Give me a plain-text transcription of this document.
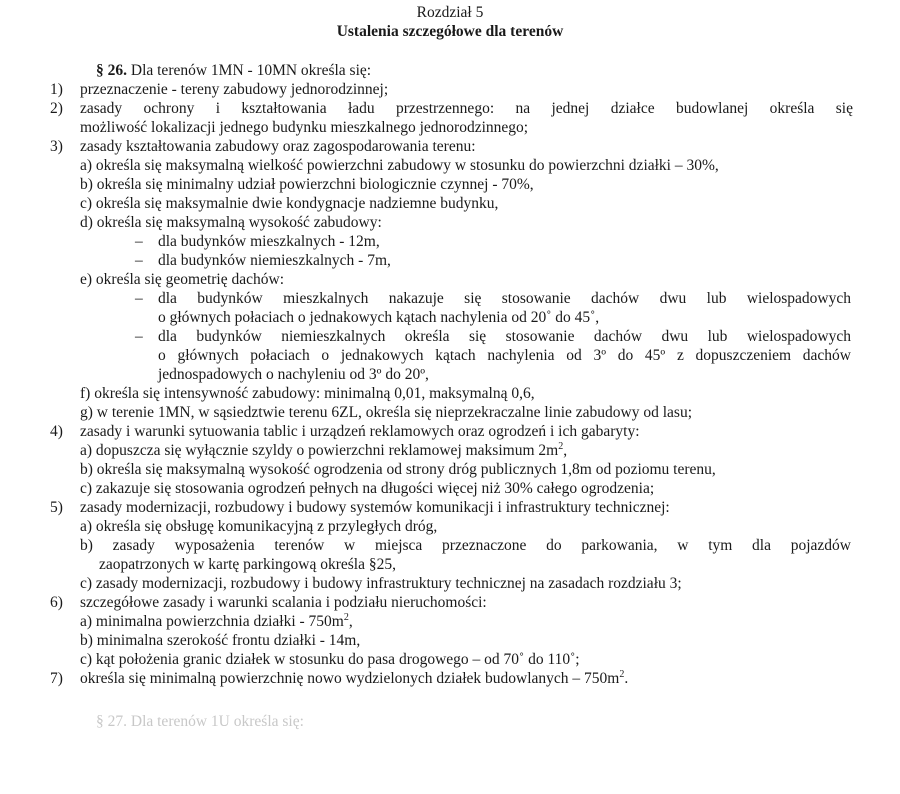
Rozdział 5
Ustalenia szczegółowe dla terenów
§ 26. Dla terenów 1MN - 10MN określa się:
1) przeznaczenie - tereny zabudowy jednorodzinnej;
2) zasady ochrony i kształtowania ładu przestrzennego: na jednej działce budowlanej określa się
możliwość lokalizacji jednego budynku mieszkalnego jednorodzinnego;
3) zasady kształtowania zabudowy oraz zagospodarowania terenu:
a) określa się maksymalną wielkość powierzchni zabudowy w stosunku do powierzchni działki – 30%,
b) określa się minimalny udział powierzchni biologicznie czynnej - 70%,
c) określa się maksymalnie dwie kondygnacje nadziemne budynku,
d) określa się maksymalną wysokość zabudowy:
– dla budynków mieszkalnych - 12m,
– dla budynków niemieszkalnych - 7m,
e) określa się geometrię dachów:
– dla budynków mieszkalnych nakazuje się stosowanie dachów dwu lub wielospadowych
o głównych połaciach o jednakowych kątach nachylenia od 20˚ do 45˚,
– dla budynków niemieszkalnych określa się stosowanie dachów dwu lub wielospadowych
o głównych połaciach o jednakowych kątach nachylenia od 3º do 45º z dopuszczeniem dachów
jednospadowych o nachyleniu od 3º do 20º,
f) określa się intensywność zabudowy: minimalną 0,01, maksymalną 0,6,
g) w terenie 1MN, w sąsiedztwie terenu 6ZL, określa się nieprzekraczalne linie zabudowy od lasu;
4) zasady i warunki sytuowania tablic i urządzeń reklamowych oraz ogrodzeń i ich gabaryty:
a) dopuszcza się wyłącznie szyldy o powierzchni reklamowej maksimum $2m^2$,
b) określa się maksymalną wysokość ogrodzenia od strony dróg publicznych 1,8m od poziomu terenu,
c) zakazuje się stosowania ogrodzeń pełnych na długości więcej niż 30% całego ogrodzenia;
5) zasady modernizacji, rozbudowy i budowy systemów komunikacji i infrastruktury technicznej:
a) określa się obsługę komunikacyjną z przyległych dróg,
b) zasady wyposażenia terenów w miejsca przeznaczone do parkowania, w tym dla pojazdów
zaopatrzonych w kartę parkingową określa §25,
c) zasady modernizacji, rozbudowy i budowy infrastruktury technicznej na zasadach rozdziału 3;
6) szczegółowe zasady i warunki scalania i podziału nieruchomości:
a) minimalna powierzchnia działki - $750m^2$,
b) minimalna szerokość frontu działki - 14m,
c) kąt położenia granic działek w stosunku do pasa drogowego – od 70˚ do 110˚;
7) określa się minimalną powierzchnię nowo wydzielonych działek budowlanych – $750m^2$.
§ 27. Dla terenów 1U określa się:
